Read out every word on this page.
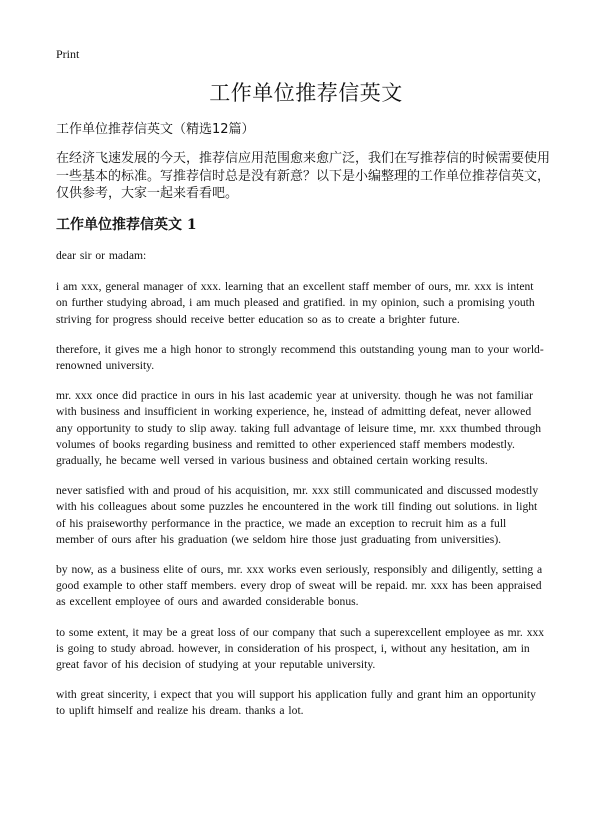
Print
工作单位推荐信英文
工作单位推荐信英文（精选12篇）

在经济飞速发展的今天，推荐信应用范围愈来愈广泛，我们在写推荐信的时候需要使用一些基本的标准。写推荐信时总是没有新意？以下是小编整理的工作单位推荐信英文，仅供参考，大家一起来看看吧。

工作单位推荐信英文 1

dear sir or madam:

i am xxx, general manager of xxx. learning that an excellent staff member of ours, mr. xxx is intent on further studying abroad, i am much pleased and gratified. in my opinion, such a promising youth striving for progress should receive better education so as to create a brighter future.

therefore, it gives me a high honor to strongly recommend this outstanding young man to your world-renowned university.

mr. xxx once did practice in ours in his last academic year at university. though he was not familiar with business and insufficient in working experience, he, instead of admitting defeat, never allowed any opportunity to study to slip away. taking full advantage of leisure time, mr. xxx thumbed through volumes of books regarding business and remitted to other experienced staff members modestly. gradually, he became well versed in various business and obtained certain working results.

never satisfied with and proud of his acquisition, mr. xxx still communicated and discussed modestly with his colleagues about some puzzles he encountered in the work till finding out solutions. in light of his praiseworthy performance in the practice, we made an exception to recruit him as a full member of ours after his graduation (we seldom hire those just graduating from universities).

by now, as a business elite of ours, mr. xxx works even seriously, responsibly and diligently, setting a good example to other staff members. every drop of sweat will be repaid. mr. xxx has been appraised as excellent employee of ours and awarded considerable bonus.

to some extent, it may be a great loss of our company that such a superexcellent employee as mr. xxx is going to study abroad. however, in consideration of his prospect, i, without any hesitation, am in great favor of his decision of studying at your reputable university.

with great sincerity, i expect that you will support his application fully and grant him an opportunity to uplift himself and realize his dream. thanks a lot.
